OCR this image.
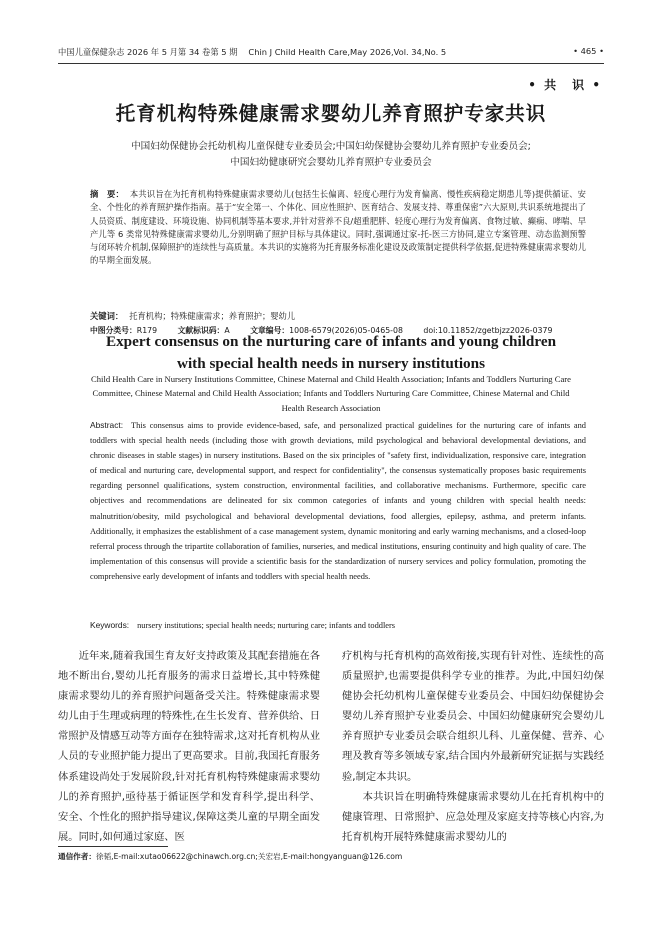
中国儿童保健杂志 2026 年 5 月第 34 卷第 5 期　 Chin J Child Health Care,May 2026,Vol. 34,No. 5	• 465 •
• 共　识 •
托育机构特殊健康需求婴幼儿养育照护专家共识
中国妇幼保健协会托幼机构儿童保健专业委员会;中国妇幼保健协会婴幼儿养育照护专业委员会;
中国妇幼健康研究会婴幼儿养育照护专业委员会
摘　要： 本共识旨在为托育机构特殊健康需求婴幼儿(包括生长偏离、轻度心理行为发育偏离、慢性疾病稳定期患儿等)提供循证、安全、个性化的养育照护操作指南。基于“安全第一、个体化、回应性照护、医育结合、发展支持、尊重保密”六大原则,共识系统地提出了人员资质、制度建设、环境设施、协同机制等基本要求,并针对营养不良/超重肥胖、轻度心理行为发育偏离、食物过敏、癫痫、哮喘、早产儿等 6 类常见特殊健康需求婴幼儿,分别明确了照护目标与具体建议。同时,强调通过家-托-医三方协同,建立专案管理、动态监测预警与闭环转介机制,保障照护的连续性与高质量。本共识的实施将为托育服务标准化建设及政策制定提供科学依据,促进特殊健康需求婴幼儿的早期全面发展。
关键词： 托育机构；特殊健康需求；养育照护；婴幼儿
中图分类号：R179	文献标识码：A	文章编号：1008-6579(2026)05-0465-08	doi:10.11852/zgetbjzz2026-0379
Expert consensus on the nurturing care of infants and young children
with special health needs in nursery institutions
Child Health Care in Nursery Institutions Committee, Chinese Maternal and Child Health Association; Infants and Toddlers Nurturing Care Committee, Chinese Maternal and Child Health Association; Infants and Toddlers Nurturing Care Committee, Chinese Maternal and Child Health Research Association
Abstract: This consensus aims to provide evidence-based, safe, and personalized practical guidelines for the nurturing care of infants and toddlers with special health needs (including those with growth deviations, mild psychological and behavioral developmental deviations, and chronic diseases in stable stages) in nursery institutions. Based on the six principles of "safety first, individualization, responsive care, integration of medical and nurturing care, developmental support, and respect for confidentiality", the consensus systematically proposes basic requirements regarding personnel qualifications, system construction, environmental facilities, and collaborative mechanisms. Furthermore, specific care objectives and recommendations are delineated for six common categories of infants and young children with special health needs: malnutrition/obesity, mild psychological and behavioral developmental deviations, food allergies, epilepsy, asthma, and preterm infants. Additionally, it emphasizes the establishment of a case management system, dynamic monitoring and early warning mechanisms, and a closed-loop referral process through the tripartite collaboration of families, nurseries, and medical institutions, ensuring continuity and high quality of care. The implementation of this consensus will provide a scientific basis for the standardization of nursery services and policy formulation, promoting the comprehensive early development of infants and toddlers with special health needs.
Keywords: nursery institutions; special health needs; nurturing care; infants and toddlers

近年来,随着我国生育友好支持政策及其配套措施在各地不断出台,婴幼儿托育服务的需求日益增长,其中特殊健康需求婴幼儿的养育照护问题备受关注。特殊健康需求婴幼儿由于生理或病理的特殊性,在生长发育、营养供给、日常照护及情感互动等方面存在独特需求,这对托育机构从业人员的专业照护能力提出了更高要求。目前,我国托育服务体系建设尚处于发展阶段,针对托育机构特殊健康需求婴幼儿的养育照护,亟待基于循证医学和发育科学,提出科学、安全、个性化的照护指导建议,保障这类儿童的早期全面发展。同时,如何通过家庭、医

疗机构与托育机构的高效衔接,实现有针对性、连续性的高质量照护,也需要提供科学专业的推荐。为此,中国妇幼保健协会托幼机构儿童保健专业委员会、中国妇幼保健协会婴幼儿养育照护专业委员会、中国妇幼健康研究会婴幼儿养育照护专业委员会联合组织儿科、儿童保健、营养、心理及教育等多领域专家,结合国内外最新研究证据与实践经验,制定本共识。

本共识旨在明确特殊健康需求婴幼儿在托育机构中的健康管理、日常照护、应急处理及家庭支持等核心内容,为托育机构开展特殊健康需求婴幼儿的

通信作者：徐韬,E-mail:xutao06622@chinawch.org.cn;关宏岩,E-mail:hongyanguan@126.com
